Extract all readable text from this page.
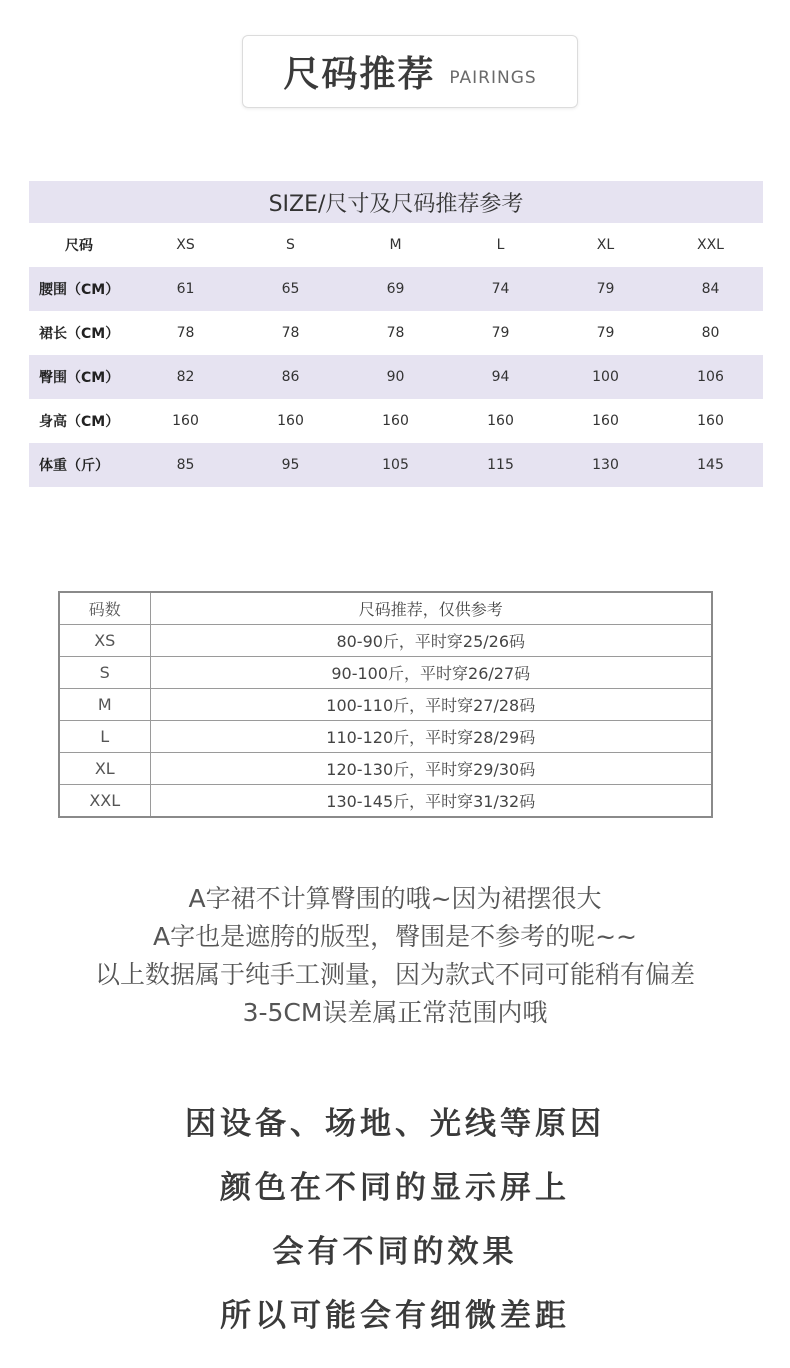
尺码推荐 PAIRINGS
SIZE/尺寸及尺码推荐参考						
尺码	XS	S	M	L	XL	XXL
腰围（CM）	61	65	69	74	79	84
裙长（CM）	78	78	78	79	79	80
臀围（CM）	82	86	90	94	100	106
身高（CM）	160	160	160	160	160	160
体重（斤）	85	95	105	115	130	145
码数	尺码推荐，仅供参考
XS	80-90斤，平时穿25/26码
S	90-100斤，平时穿26/27码
M	100-110斤，平时穿27/28码
L	110-120斤，平时穿28/29码
XL	120-130斤，平时穿29/30码
XXL	130-145斤，平时穿31/32码
A字裙不计算臀围的哦~因为裙摆很大
A字也是遮胯的版型，臀围是不参考的呢~~
以上数据属于纯手工测量，因为款式不同可能稍有偏差
3-5CM误差属正常范围内哦
因设备、场地、光线等原因
颜色在不同的显示屏上
会有不同的效果
所以可能会有细微差距
